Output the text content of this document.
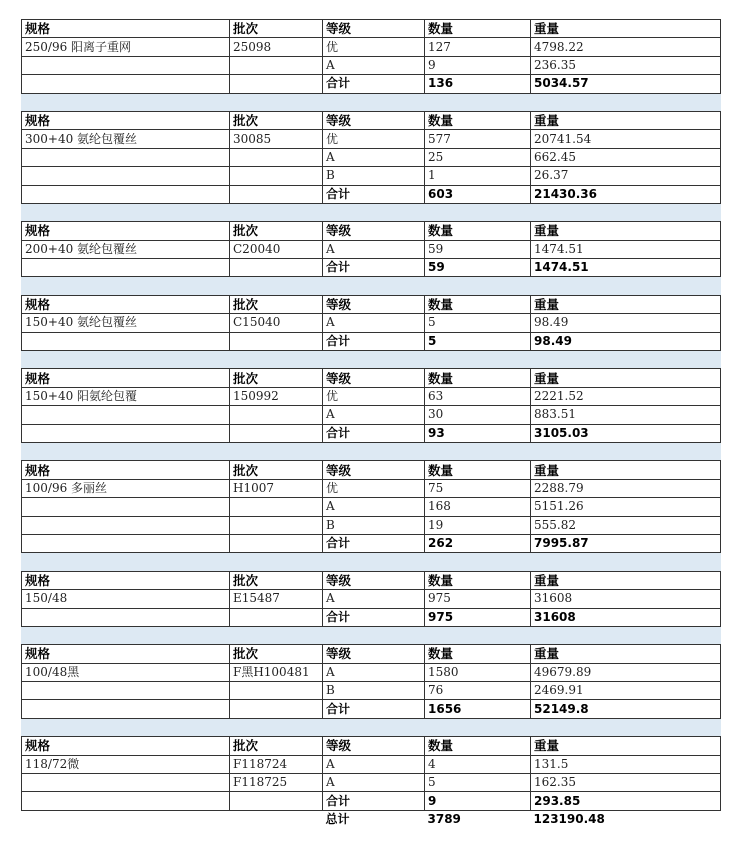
规格	批次	等级	数量	重量
250/96 阳离子重网	25098	优	127	4798.22
		A	9	236.35
		合计	136	5034.57

规格	批次	等级	数量	重量
300+40 氨纶包覆丝	30085	优	577	20741.54
		A	25	662.45
		B	1	26.37
		合计	603	21430.36

规格	批次	等级	数量	重量
200+40 氨纶包覆丝	C20040	A	59	1474.51
		合计	59	1474.51

规格	批次	等级	数量	重量
150+40 氨纶包覆丝	C15040	A	5	98.49
		合计	5	98.49

规格	批次	等级	数量	重量
150+40 阳氨纶包覆	150992	优	63	2221.52
		A	30	883.51
		合计	93	3105.03

规格	批次	等级	数量	重量
100/96 多丽丝	H1007	优	75	2288.79
		A	168	5151.26
		B	19	555.82
		合计	262	7995.87

规格	批次	等级	数量	重量
150/48	E15487	A	975	31608
		合计	975	31608

规格	批次	等级	数量	重量
100/48黑	F黑H100481	A	1580	49679.89
		B	76	2469.91
		合计	1656	52149.8

规格	批次	等级	数量	重量
118/72微	F118724	A	4	131.5
	F118725	A	5	162.35
		合计	9	293.85
		总计	3789	123190.48
